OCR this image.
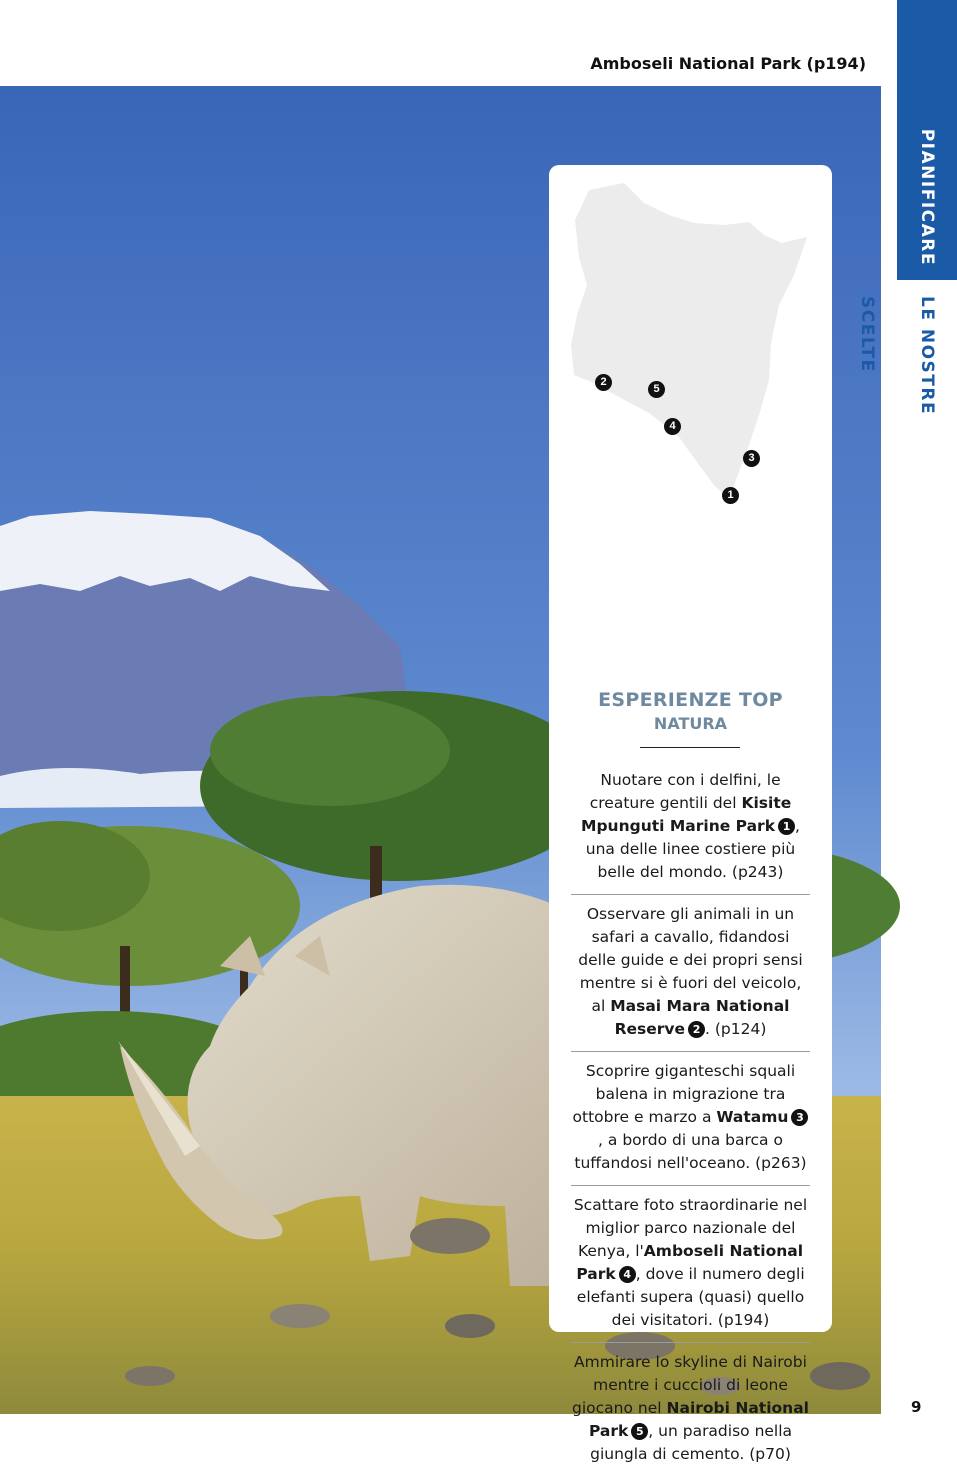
Amboseli National Park (p194)
1
2
3
4
5
ESPERIENZE TOP
NATURA
Nuotare con i delfini, le creature gentili del Kisite Mpunguti Marine Park 1 , una delle linee costiere più belle del mondo. (p243)
Osservare gli animali in un safari a cavallo, fidandosi delle guide e dei propri sensi mentre si è fuori del veicolo, al Masai Mara National Reserve 2 . (p124)
Scoprire giganteschi squali balena in migrazione tra ottobre e marzo a Watamu 3, a bordo di una barca o tuffandosi nell'oceano. (p263)
Scattare foto straordinarie nel miglior parco nazionale del Kenya, l'Amboseli National Park 4 , dove il numero degli elefanti supera (quasi) quello dei visitatori. (p194)
Ammirare lo skyline di Nairobi mentre i cuccioli di leone giocano nel Nairobi National Park 5 , un paradiso nella giungla di cemento. (p70)
PIANIFICARE
LE NOSTRE SCELTE
9
